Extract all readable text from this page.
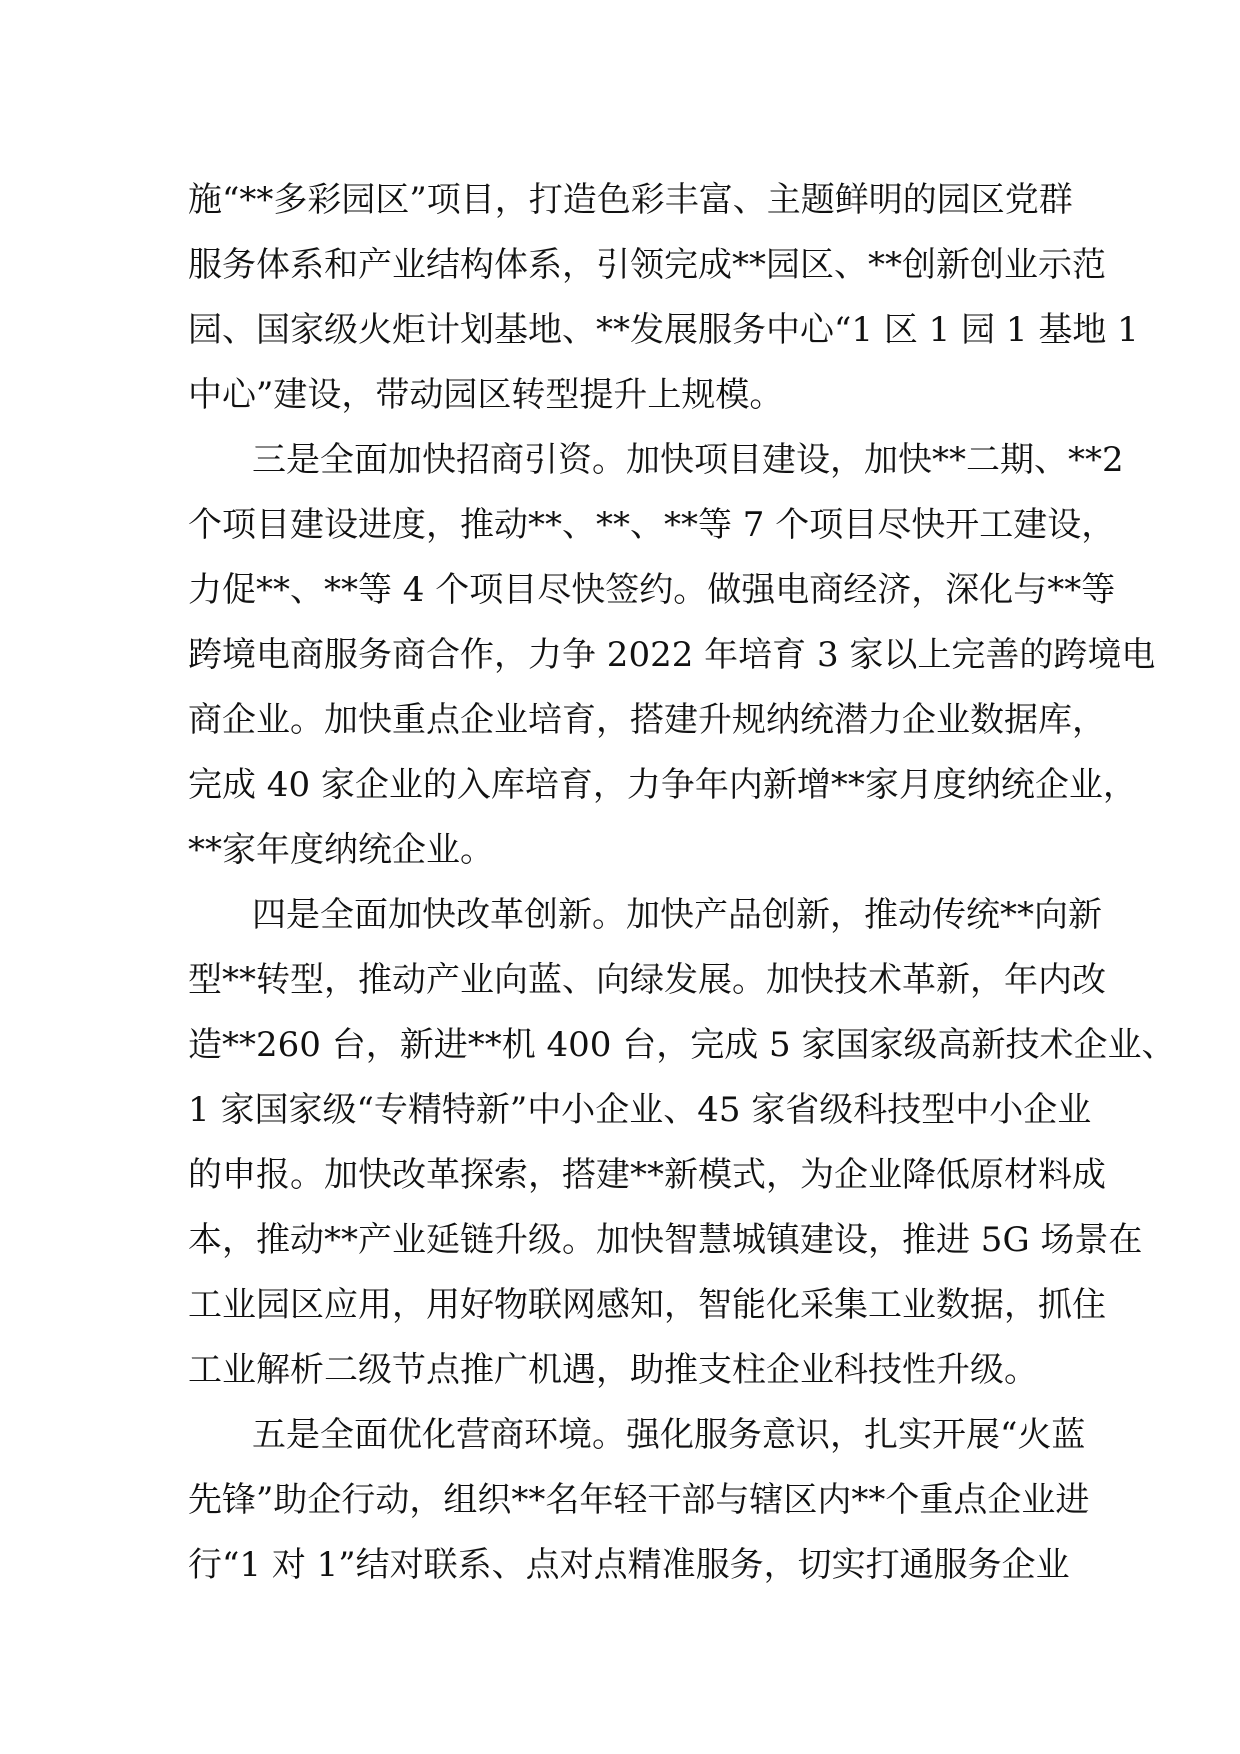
施“**多彩园区”项目，打造色彩丰富、主题鲜明的园区党群
服务体系和产业结构体系，引领完成**园区、**创新创业示范
园、国家级火炬计划基地、**发展服务中心“1 区 1 园 1 基地 1
中心”建设，带动园区转型提升上规模。
三是全面加快招商引资。加快项目建设，加快**二期、**2
个项目建设进度，推动**、**、**等 7 个项目尽快开工建设，
力促**、**等 4 个项目尽快签约。做强电商经济，深化与**等
跨境电商服务商合作，力争 2022 年培育 3 家以上完善的跨境电
商企业。加快重点企业培育，搭建升规纳统潜力企业数据库，
完成 40 家企业的入库培育，力争年内新增**家月度纳统企业，
**家年度纳统企业。
四是全面加快改革创新。加快产品创新，推动传统**向新
型**转型，推动产业向蓝、向绿发展。加快技术革新，年内改
造**260 台，新进**机 400 台，完成 5 家国家级高新技术企业、
1 家国家级“专精特新”中小企业、45 家省级科技型中小企业
的申报。加快改革探索，搭建**新模式，为企业降低原材料成
本，推动**产业延链升级。加快智慧城镇建设，推进 5G 场景在
工业园区应用，用好物联网感知，智能化采集工业数据，抓住
工业解析二级节点推广机遇，助推支柱企业科技性升级。
五是全面优化营商环境。强化服务意识，扎实开展“火蓝
先锋”助企行动，组织**名年轻干部与辖区内**个重点企业进
行“1 对 1”结对联系、点对点精准服务，切实打通服务企业
